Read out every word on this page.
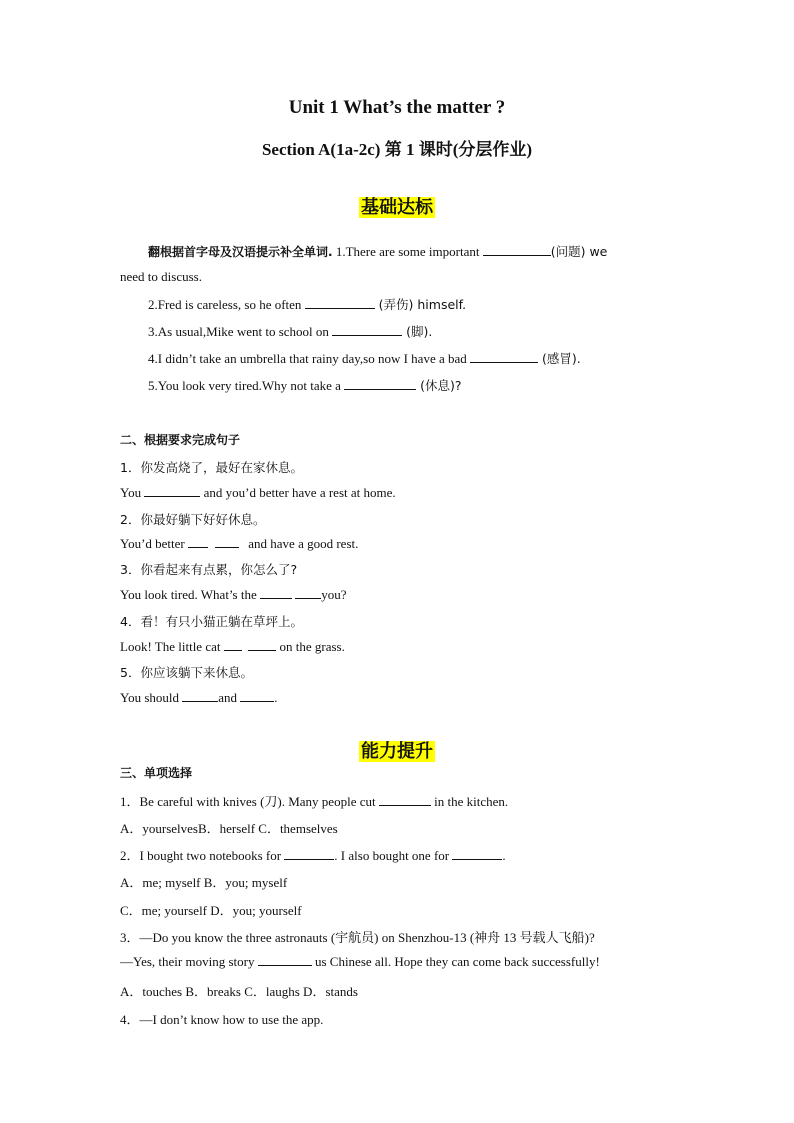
Unit 1 What’s the matter ?
Section A(1a-2c) 第 1 课时(分层作业)
基础达标
翻根据首字母及汉语提示补全单词. 1.There are some important	(问题) we
need to discuss.
2.Fred is careless, so he often	(弄伤) himself.
3.As usual,Mike went to school on	(脚).
4.I didn’t take an umbrella that rainy day,so now I have a bad	(感冒).
5.You look very tired.Why not take a	(休息)?
二、根据要求完成句子
1．你发高烧了，最好在家休息。
You	and you’d better have a rest at home.
2．你最好躺下好好休息。
You’d better	and have a good rest.
3．你看起来有点累，你怎么了?
You look tired. What’s the	you?
4．看！有只小猫正躺在草坪上。
Look! The little cat	on the grass.
5．你应该躺下来休息。
You should	and	.
能力提升
三、单项选择
1．Be careful with knives (刀). Many people cut	in the kitchen.
A．yourselvesB．herself C．themselves
2．I bought two notebooks for	. I also bought one for	.
A．me; myself B．you; myself
C．me; yourself D．you; yourself
3．—Do you know the three astronauts (宇航员) on Shenzhou-13 (神舟 13 号载人飞船)?
—Yes, their moving story	us Chinese all. Hope they can come back successfully!
A．touches B．breaks C．laughs D．stands
4．—I don’t know how to use the app.
